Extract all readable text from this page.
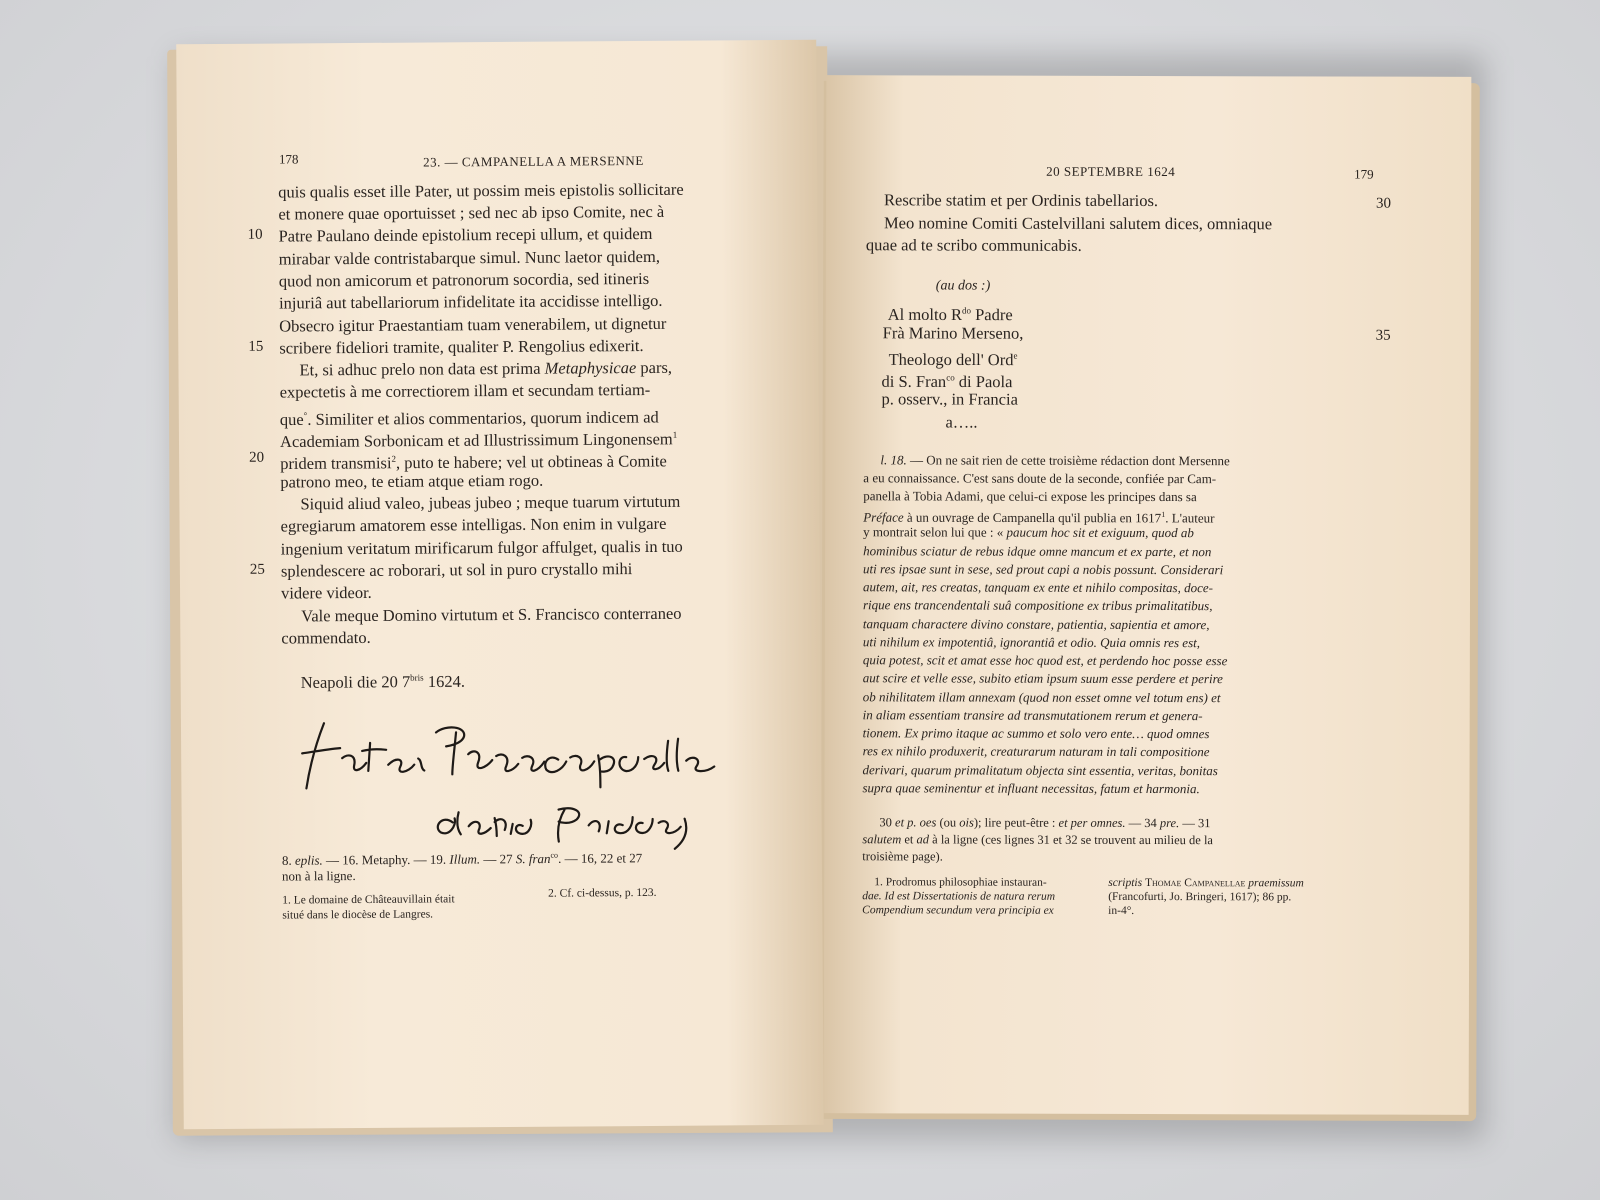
178	23. — CAMPANELLA A MERSENNE
quis qualis esset ille Pater, ut possim meis epistolis sollicitare
et monere quae oportuisset ; sed nec ab ipso Comite, nec à
Patre Paulano deinde epistolium recepi ullum, et quidem
mirabar valde contristabarque simul. Nunc laetor quidem,
quod non amicorum et patronorum socordia, sed itineris
injuriâ aut tabellariorum infidelitate ita accidisse intelligo.
Obsecro igitur Praestantiam tuam venerabilem, ut dignetur
scribere fideliori tramite, qualiter P. Rengolius edixerit.
Et, si adhuc prelo non data est prima Metaphysicae pars,
expectetis à me correctiorem illam et secundam tertiam-
que°. Similiter et alios commentarios, quorum indicem ad
Academiam Sorbonicam et ad Illustrissimum Lingonensem$^1$
pridem transmisi$^2$, puto te habere; vel ut obtineas à Comite
patrono meo, te etiam atque etiam rogo.
Siquid aliud valeo, jubeas jubeo ; meque tuarum virtutum
egregiarum amatorem esse intelligas. Non enim in vulgare
ingenium veritatum mirificarum fulgor affulget, qualis in tuo
splendescere ac roborari, ut sol in puro crystallo mihi
videre videor.
Vale meque Domino virtutum et S. Francisco conterraneo
commendato.
10
15
20
25
Neapoli die 20 $7^{bris}$ 1624.
8. eplis. — 16. Metaphy. — 19. Illum. — 27 S. fran$^{co}$. — 16, 22 et 27
non à la ligne.
1. Le domaine de Châteauvillain était
situé dans le diocèse de Langres.
2. Cf. ci-dessus, p. 123.
20 SEPTEMBRE 1624	179
Rescribe statim et per Ordinis tabellarios.
Meo nomine Comiti Castelvillani salutem dices, omniaque
quae ad te scribo communicabis.
30
35
(au dos :)
Al molto $R^{do}$ Padre
Frà Marino Merseno,
Theologo dell' Ord$^e$
di S. Fran$^{co}$ di Paola
p. osserv., in Francia
a…..
l. 18. — On ne sait rien de cette troisième rédaction dont Mersenne
a eu connaissance. C'est sans doute de la seconde, confiée par Cam-
panella à Tobia Adami, que celui-ci expose les principes dans sa
Préface à un ouvrage de Campanella qu'il publia en 1617$^1$. L'auteur
y montrait selon lui que : « paucum hoc sit et exiguum, quod ab
hominibus sciatur de rebus idque omne mancum et ex parte, et non
uti res ipsae sunt in sese, sed prout capi a nobis possunt. Considerari
autem, ait, res creatas, tanquam ex ente et nihilo compositas, doce-
rique ens trancendentali suâ compositione ex tribus primalitatibus,
tanquam charactere divino constare, patientia, sapientia et amore,
uti nihilum ex impotentiâ, ignorantiâ et odio. Quia omnis res est,
quia potest, scit et amat esse hoc quod est, et perdendo hoc posse esse
aut scire et velle esse, subito etiam ipsum suum esse perdere et perire
ob nihilitatem illam annexam (quod non esset omne vel totum ens) et
in aliam essentiam transire ad transmutationem rerum et genera-
tionem. Ex primo itaque ac summo et solo vero ente… quod omnes
res ex nihilo produxerit, creaturarum naturam in tali compositione
derivari, quarum primalitatum objecta sint essentia, veritas, bonitas
supra quae seminentur et influant necessitas, fatum et harmonia.
30 et p. oes (ou ois); lire peut-être : et per omnes. — 34 pre. — 31
salutem et ad à la ligne (ces lignes 31 et 32 se trouvent au milieu de la
troisième page).
1. Prodromus philosophiae instauran-
dae. Id est Dissertationis de natura rerum
Compendium secundum vera principia ex
scriptis Thomae Campanellae praemissum
(Francofurti, Jo. Bringeri, 1617); 86 pp.
in-4°.
